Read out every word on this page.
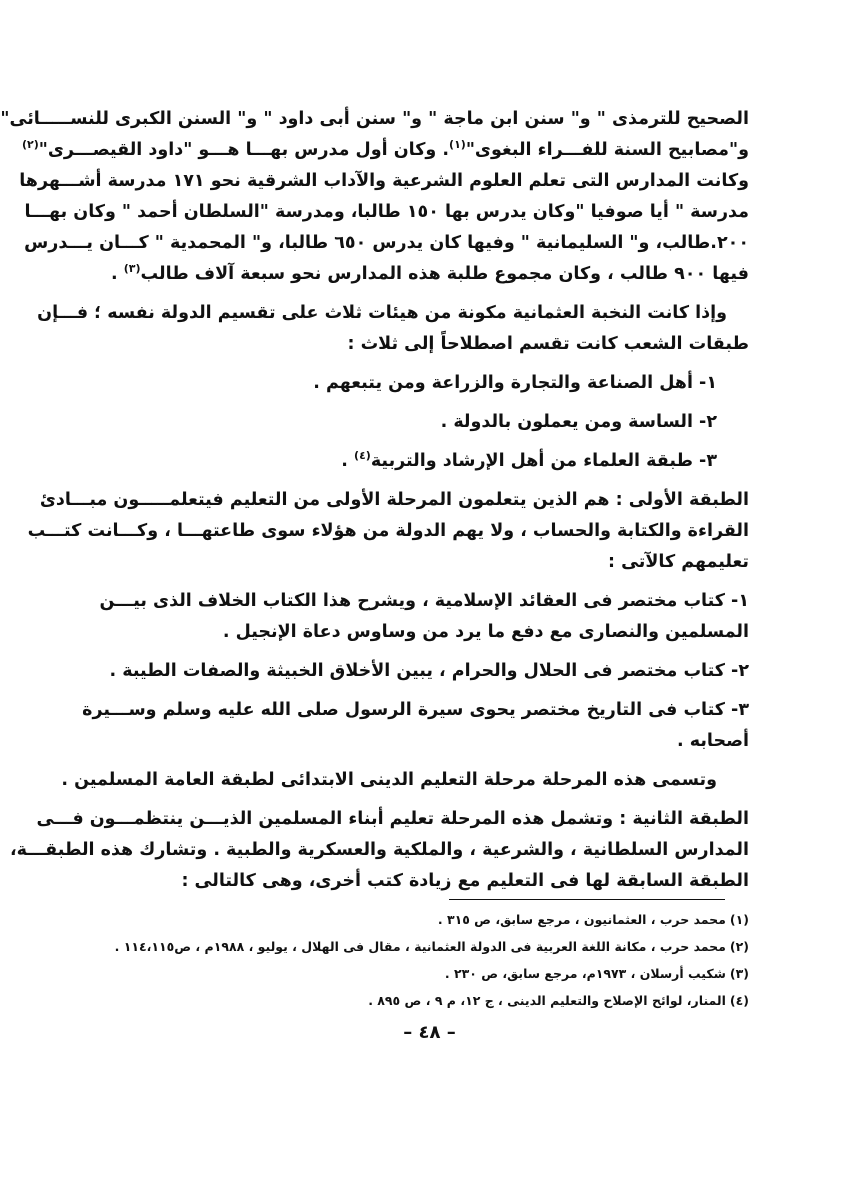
الصحيح للترمذى " و" سنن ابن ماجة " و" سنن أبى داود " و" السنن الكبرى للنســـــائى"
و"مصابيح السنة للفـــراء البغوى"$^{(١)}$. وكان أول مدرس بهـــا هـــو "داود القيصـــرى"$^{(٢)}$
وكانت المدارس التى تعلم العلوم الشرعية والآداب الشرقية نحو ١٧١ مدرسة أشـــهرها
مدرسة " أيا صوفيا "وكان يدرس بها ١٥٠ طالبا، ومدرسة "السلطان أحمد " وكان بهـــا
٢٠٠.طالب، و" السليمانية " وفيها كان يدرس ٦٥٠ طالبا، و" المحمدية " كـــان يـــدرس
فيها ٩٠٠ طالب ، وكان مجموع طلبة هذه المدارس نحو سبعة آلاف طالب$^{(٣)}$ .
وإذا كانت النخبة العثمانية مكونة من هيئات ثلاث على تقسيم الدولة نفسه ؛ فـــإن
طبقات الشعب كانت تقسم اصطلاحاً إلى ثلاث :
١- أهل الصناعة والتجارة والزراعة ومن يتبعهم .
٢- الساسة ومن يعملون بالدولة .
٣- طبقة العلماء من أهل الإرشاد والتربية$^{(٤)}$ .
الطبقة الأولى : هم الذين يتعلمون المرحلة الأولى من التعليم فيتعلمـــــون مبـــادئ
القراءة والكتابة والحساب ، ولا يهم الدولة من هؤلاء سوى طاعتهـــا ، وكـــانت كتـــب
تعليمهم كالآتى :
١- كتاب مختصر فى العقائد الإسلامية ، ويشرح هذا الكتاب الخلاف الذى بيـــن
المسلمين والنصارى مع دفع ما يرد من وساوس دعاة الإنجيل .
٢- كتاب مختصر فى الحلال والحرام ، يبين الأخلاق الخبيثة والصفات الطيبة .
٣- كتاب فى التاريخ مختصر يحوى سيرة الرسول صلى الله عليه وسلم وســـيرة
أصحابه .
وتسمى هذه المرحلة مرحلة التعليم الدينى الابتدائى لطبقة العامة المسلمين .
الطبقة الثانية : وتشمل هذه المرحلة تعليم أبناء المسلمين الذيـــن ينتظمـــون فـــى
المدارس السلطانية ، والشرعية ، والملكية والعسكرية والطبية . وتشارك هذه الطبقـــة،
الطبقة السابقة لها فى التعليم مع زيادة كتب أخرى، وهى كالتالى :
(١)محمد حرب ، العثمانيون ، مرجع سابق، ص ٣١٥ .
(٢)محمد حرب ، مكانة اللغة العربية فى الدولة العثمانية ، مقال فى الهلال ، يوليو ، ١٩٨٨م ، ص١١٤،١١٥ .
(٣)شكيب أرسلان ، ١٩٧٣م، مرجع سابق، ص ٢٣٠ .
(٤)المنار، لوائح الإصلاح والتعليم الدينى ، ج ١٢، م ٩ ، ص ٨٩٥ .
– ٤٨ –
